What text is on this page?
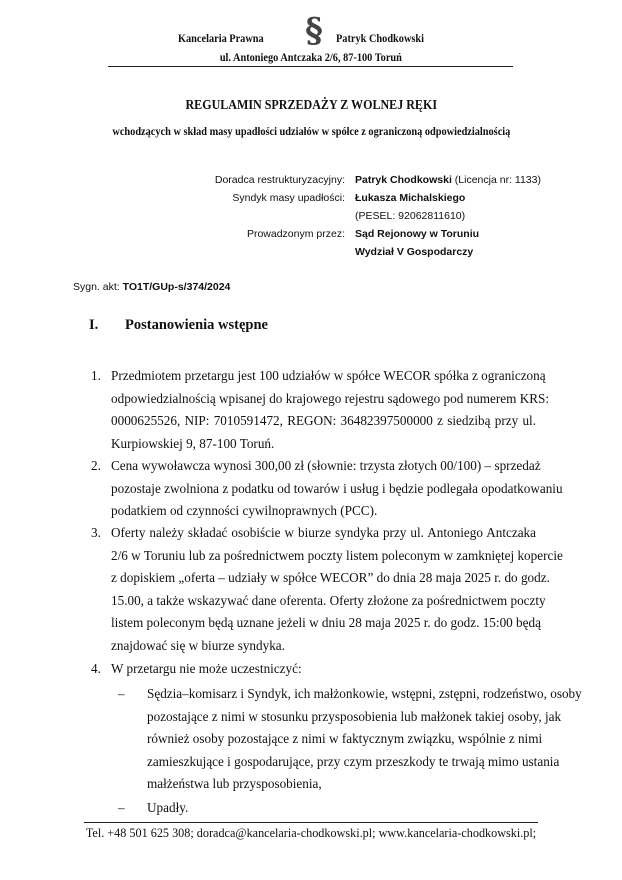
Kancelaria Prawna § Patryk Chodkowski
ul. Antoniego Antczaka 2/6, 87-100 Toruń
REGULAMIN SPRZEDAŻY Z WOLNEJ RĘKI
wchodzących w skład masy upadłości udziałów w spółce z ograniczoną odpowiedzialnością
Doradca restrukturyzacyjny: Patryk Chodkowski (Licencja nr: 1133)
Syndyk masy upadłości: Łukasza Michalskiego
(PESEL: 92062811610)
Prowadzonym przez: Sąd Rejonowy w Toruniu
Wydział V Gospodarczy
Sygn. akt: TO1T/GUp-s/374/2024
I. Postanowienia wstępne
1. Przedmiotem przetargu jest 100 udziałów w spółce WECOR spółka z ograniczoną
odpowiedzialnością wpisanej do krajowego rejestru sądowego pod numerem KRS:
0000625526, NIP: 7010591472, REGON: 36482397500000 z siedzibą przy ul.
Kurpiowskiej 9, 87-100 Toruń.
2. Cena wywoławcza wynosi 300,00 zł (słownie: trzysta złotych 00/100) – sprzedaż
pozostaje zwolniona z podatku od towarów i usług i będzie podlegała opodatkowaniu
podatkiem od czynności cywilnoprawnych (PCC).
3. Oferty należy składać osobiście w biurze syndyka przy ul. Antoniego Antczaka
2/6 w Toruniu lub za pośrednictwem poczty listem poleconym w zamkniętej kopercie
z dopiskiem „oferta – udziały w spółce WECOR” do dnia 28 maja 2025 r. do godz.
15.00, a także wskazywać dane oferenta. Oferty złożone za pośrednictwem poczty
listem poleconym będą uznane jeżeli w dniu 28 maja 2025 r. do godz. 15:00 będą
znajdować się w biurze syndyka.
4. W przetargu nie może uczestniczyć:
– Sędzia–komisarz i Syndyk, ich małżonkowie, wstępni, zstępni, rodzeństwo, osoby
pozostające z nimi w stosunku przysposobienia lub małżonek takiej osoby, jak
również osoby pozostające z nimi w faktycznym związku, wspólnie z nimi
zamieszkujące i gospodarujące, przy czym przeszkody te trwają mimo ustania
małżeństwa lub przysposobienia,
– Upadły.
Tel. +48 501 625 308; doradca@kancelaria-chodkowski.pl; www.kancelaria-chodkowski.pl;
